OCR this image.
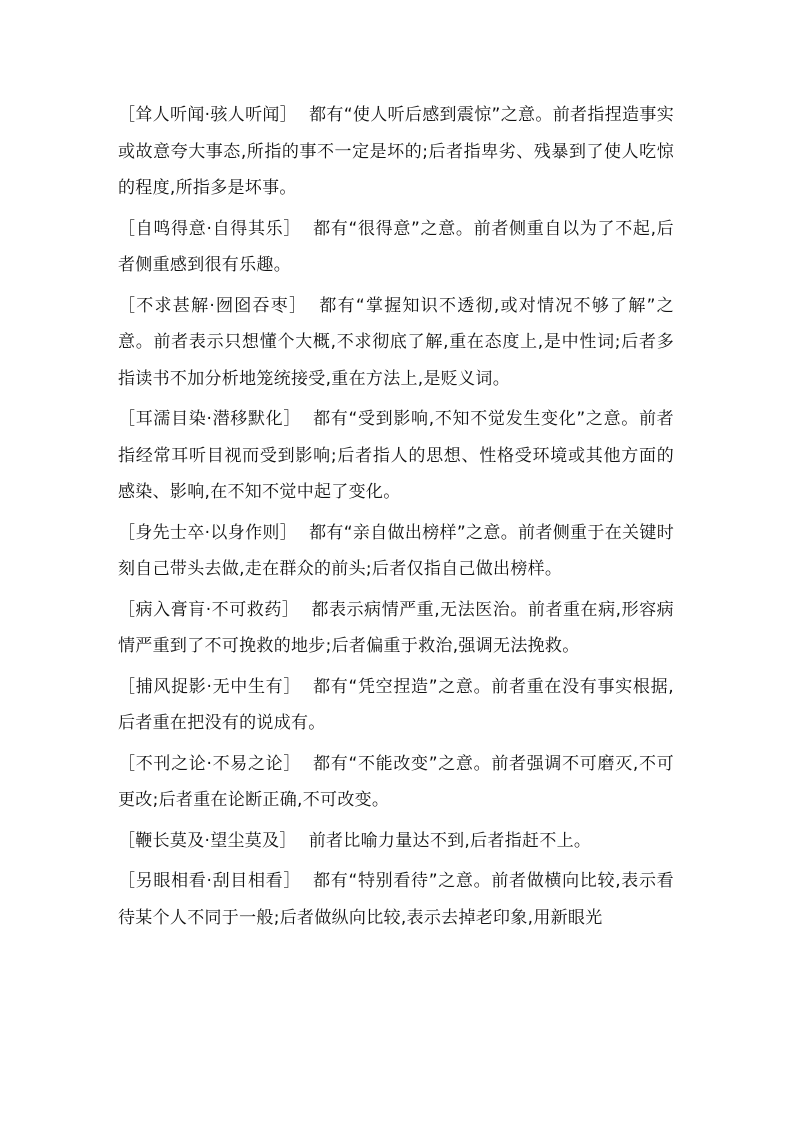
［耸人听闻·骇人听闻］ 都有“使人听后感到震惊”之意。前者指捏造事实或故意夸大事态,所指的事不一定是坏的;后者指卑劣、残暴到了使人吃惊的程度,所指多是坏事。

［自鸣得意·自得其乐］ 都有“很得意”之意。前者侧重自以为了不起,后者侧重感到很有乐趣。

［不求甚解·囫囵吞枣］ 都有“掌握知识不透彻,或对情况不够了解”之意。前者表示只想懂个大概,不求彻底了解,重在态度上,是中性词;后者多指读书不加分析地笼统接受,重在方法上,是贬义词。

［耳濡目染·潜移默化］ 都有“受到影响,不知不觉发生变化”之意。前者指经常耳听目视而受到影响;后者指人的思想、性格受环境或其他方面的感染、影响,在不知不觉中起了变化。

［身先士卒·以身作则］ 都有“亲自做出榜样”之意。前者侧重于在关键时刻自己带头去做,走在群众的前头;后者仅指自己做出榜样。

［病入膏肓·不可救药］ 都表示病情严重,无法医治。前者重在病,形容病情严重到了不可挽救的地步;后者偏重于救治,强调无法挽救。

［捕风捉影·无中生有］ 都有“凭空捏造”之意。前者重在没有事实根据,后者重在把没有的说成有。

［不刊之论·不易之论］ 都有“不能改变”之意。前者强调不可磨灭,不可更改;后者重在论断正确,不可改变。

［鞭长莫及·望尘莫及］ 前者比喻力量达不到,后者指赶不上。

［另眼相看·刮目相看］ 都有“特别看待”之意。前者做横向比较,表示看待某个人不同于一般;后者做纵向比较,表示去掉老印象,用新眼光
